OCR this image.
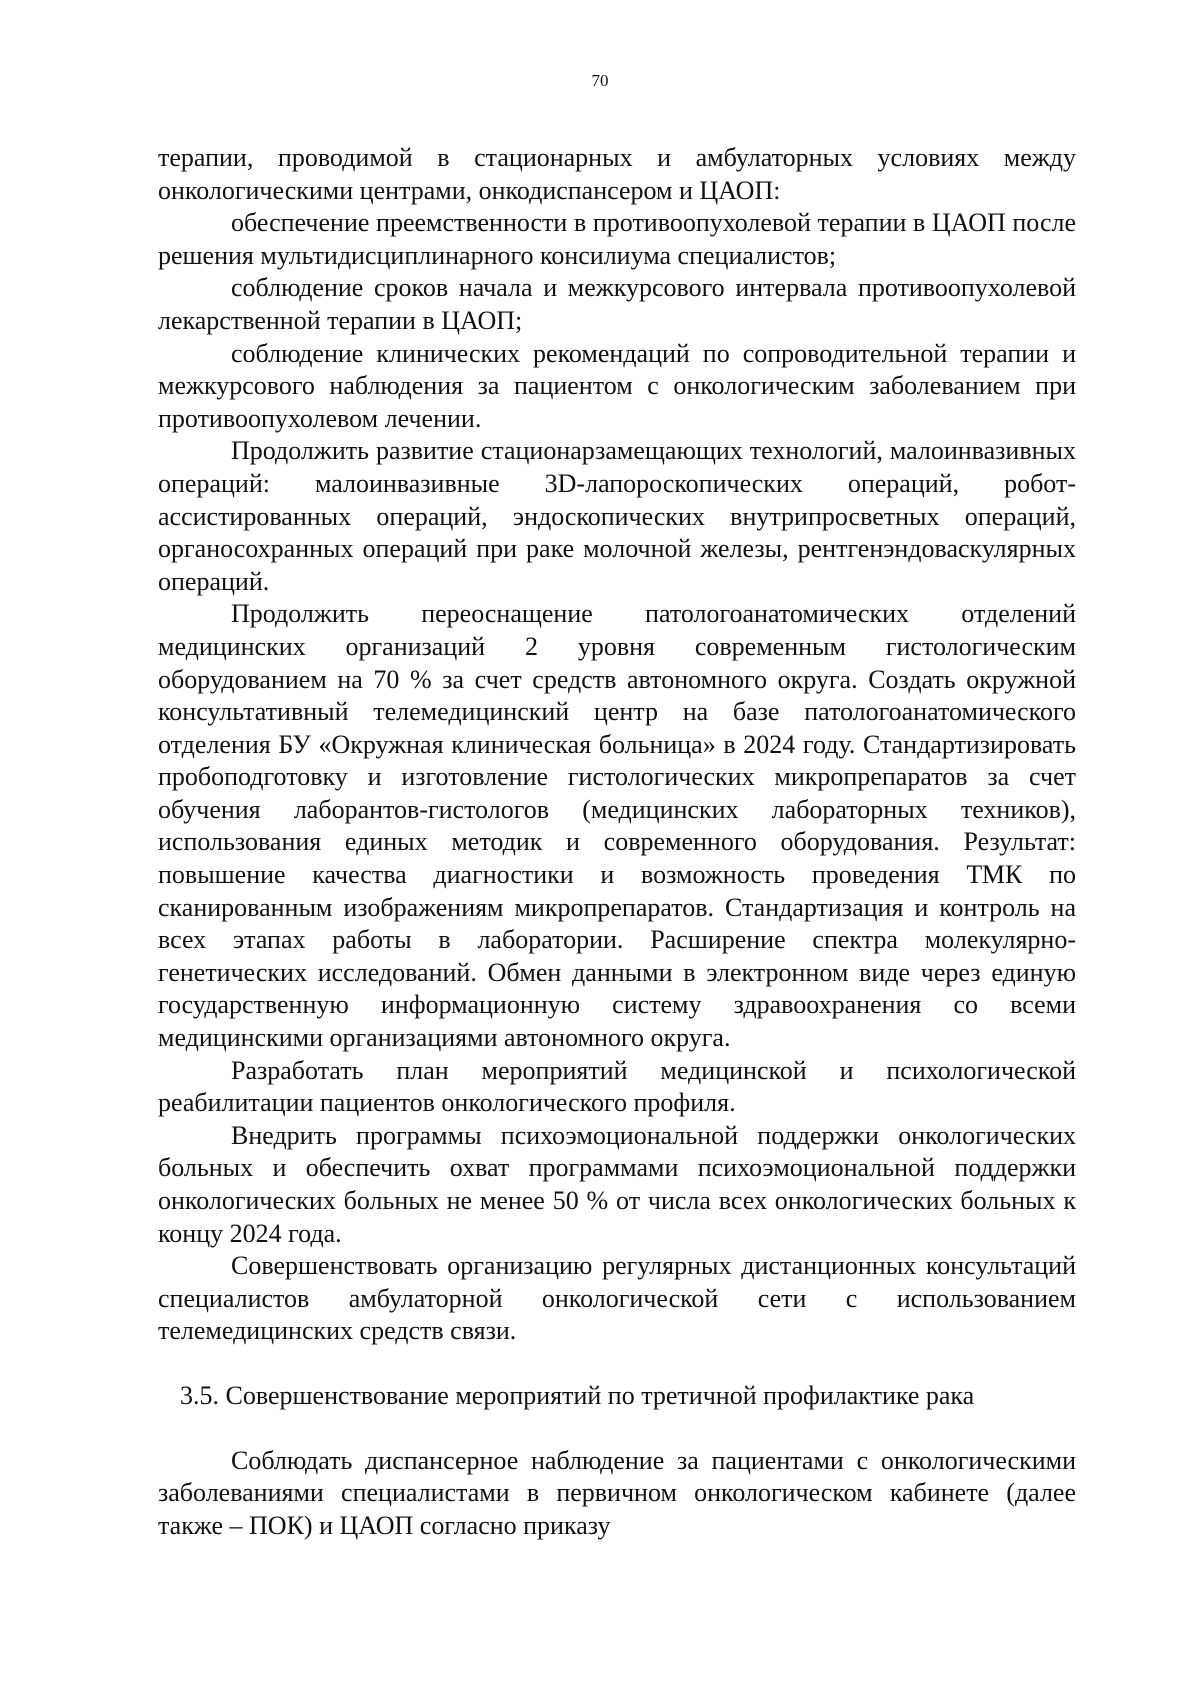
70

терапии, проводимой в стационарных и амбулаторных условиях между онкологическими центрами, онкодиспансером и ЦАОП:

обеспечение преемственности в противоопухолевой терапии в ЦАОП после решения мультидисциплинарного консилиума специалистов;

соблюдение сроков начала и межкурсового интервала противоопухолевой лекарственной терапии в ЦАОП;

соблюдение клинических рекомендаций по сопроводительной терапии и межкурсового наблюдения за пациентом с онкологическим заболеванием при противоопухолевом лечении.

Продолжить развитие стационарзамещающих технологий, малоинвазивных операций: малоинвазивные 3D-лапороскопических операций, робот-ассистированных операций, эндоскопических внутрипросветных операций, органосохранных операций при раке молочной железы, рентгенэндоваскулярных операций.

Продолжить переоснащение патологоанатомических отделений медицинских организаций 2 уровня современным гистологическим оборудованием на 70 % за счет средств автономного округа. Создать окружной консультативный телемедицинский центр на базе патологоанатомического отделения БУ «Окружная клиническая больница» в 2024 году. Стандартизировать пробоподготовку и изготовление гистологических микропрепаратов за счет обучения лаборантов-гистологов (медицинских лабораторных техников), использования единых методик и современного оборудования. Результат: повышение качества диагностики и возможность проведения ТМК по сканированным изображениям микропрепаратов. Стандартизация и контроль на всех этапах работы в лаборатории. Расширение спектра молекулярно-генетических исследований. Обмен данными в электронном виде через единую государственную информационную систему здравоохранения со всеми медицинскими организациями автономного округа.

Разработать план мероприятий медицинской и психологической реабилитации пациентов онкологического профиля.

Внедрить программы психоэмоциональной поддержки онкологических больных и обеспечить охват программами психоэмоциональной поддержки онкологических больных не менее 50 % от числа всех онкологических больных к концу 2024 года.

Совершенствовать организацию регулярных дистанционных консультаций специалистов амбулаторной онкологической сети с использованием телемедицинских средств связи.

3.5. Совершенствование мероприятий по третичной профилактике рака

Соблюдать диспансерное наблюдение за пациентами с онкологическими заболеваниями специалистами в первичном онкологическом кабинете (далее также – ПОК) и ЦАОП согласно приказу
